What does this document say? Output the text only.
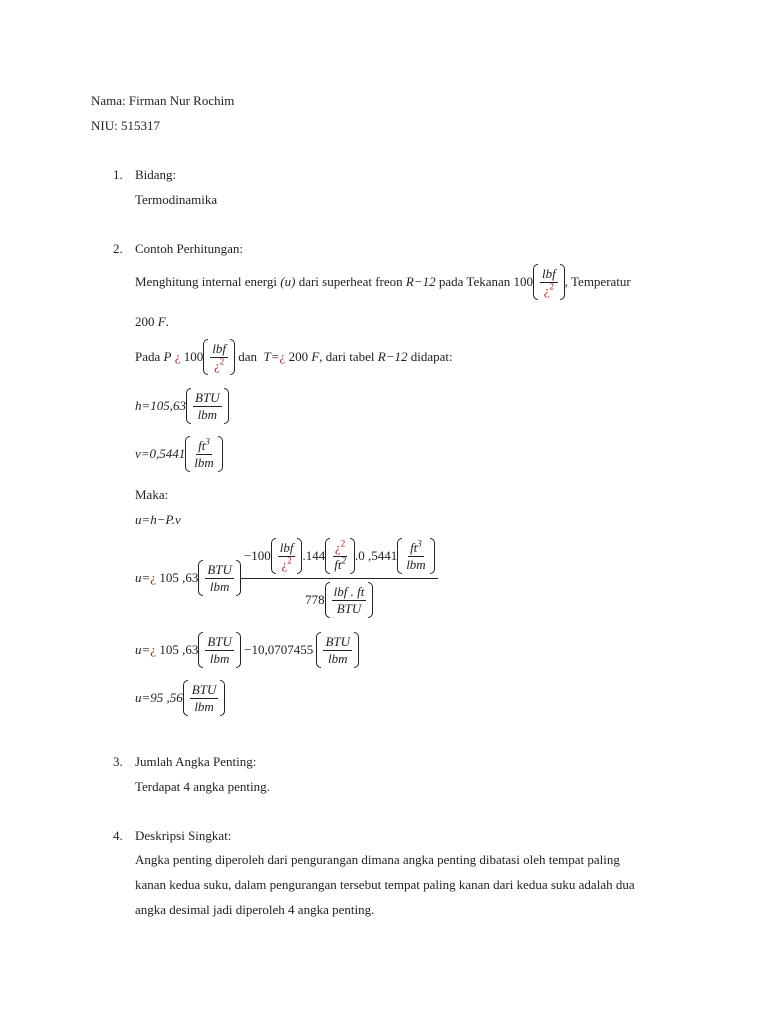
Nama: Firman Nur Rochim
NIU: 515317
1. Bidang:
Termodinamika
2. Contoh Perhitungan:
Menghitung internal energi
(u)
dari superheat freon
R−12
pada Tekanan
$100 \frac{\text{lbf}}{¿^2}$ , Temperatur
200 F.
Pada
P
¿
$100 \frac{\text{lbf}}{¿^2}$
dan
T= ¿
200
F , dari tabel
R−12
didapat:
$h=105,63 \frac{\text{BTU}}{\text{lbm}}$
$v=0,5441 \frac{ft^3}{\text{lbm}}$
Maka:
u=h−P.v
u= ¿
105 $,63 \frac{\text{BTU}}{\text{lbm}}$
$-100 \frac{\text{lbf}}{¿^2} .144 \frac{¿^2}{ft^2} .0$ $,5441 \frac{ft^3}{\text{lbm}}$
$778 \frac{\text{lbf . ft}}{\text{BTU}}$
u= ¿
105 $,63 \frac{\text{BTU}}{\text{lbm}}$
−10,0707455
$\frac{\text{BTU}}{\text{lbm}}$
u=95 $,56 \frac{\text{BTU}}{\text{lbm}}$
3. Jumlah Angka Penting:
Terdapat 4 angka penting.
4. Deskripsi Singkat:
Angka penting diperoleh dari pengurangan dimana angka penting dibatasi oleh tempat paling
kanan kedua suku, dalam pengurangan tersebut tempat paling kanan dari kedua suku adalah dua
angka desimal jadi diperoleh 4 angka penting.
